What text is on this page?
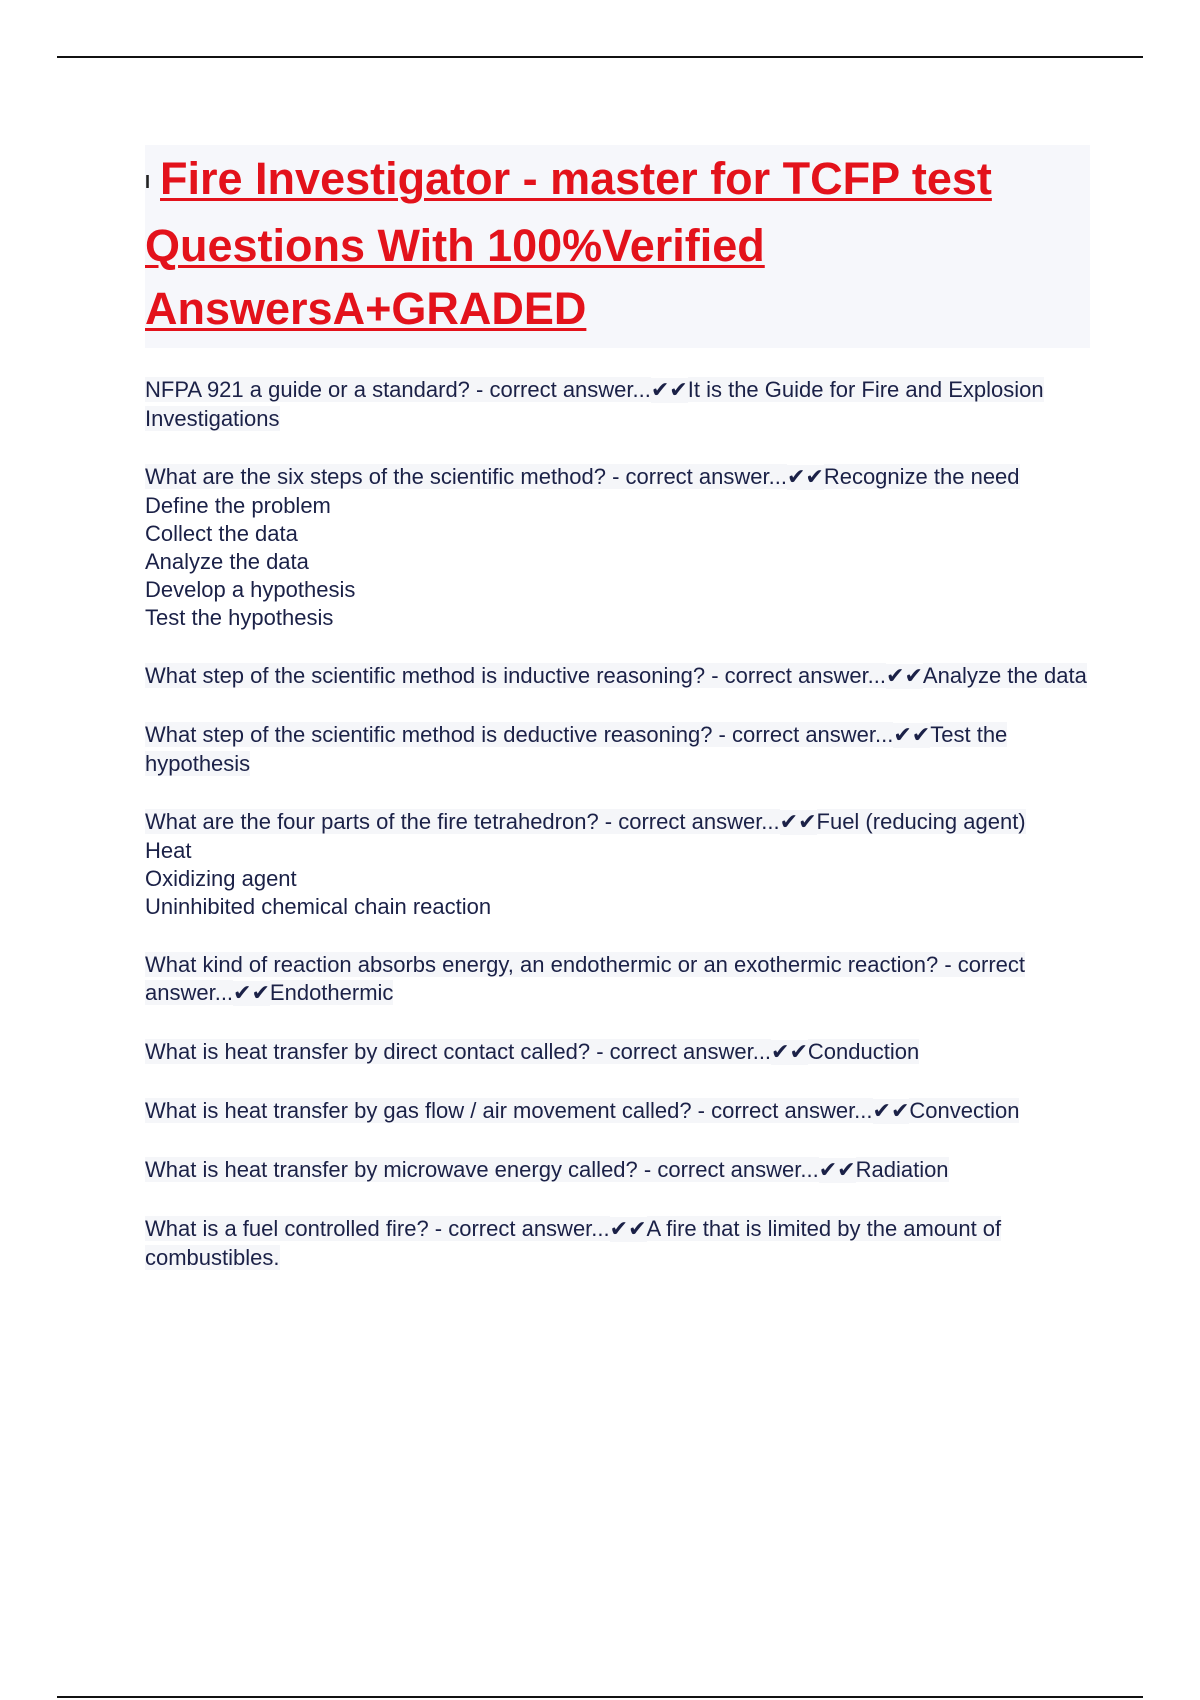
I Fire Investigator - master for TCFP test Questions With 100%Verified AnswersA+GRADED
NFPA 921 a guide or a standard? - correct answer...✔✔It is the Guide for Fire and Explosion Investigations
What are the six steps of the scientific method? - correct answer...✔✔Recognize the need
Define the problem
Collect the data
Analyze the data
Develop a hypothesis
Test the hypothesis
What step of the scientific method is inductive reasoning? - correct answer...✔✔Analyze the data
What step of the scientific method is deductive reasoning? - correct answer...✔✔Test the hypothesis
What are the four parts of the fire tetrahedron? - correct answer...✔✔Fuel (reducing agent)
Heat
Oxidizing agent
Uninhibited chemical chain reaction
What kind of reaction absorbs energy, an endothermic or an exothermic reaction? - correct answer...✔✔Endothermic
What is heat transfer by direct contact called? - correct answer...✔✔Conduction
What is heat transfer by gas flow / air movement called? - correct answer...✔✔Convection
What is heat transfer by microwave energy called? - correct answer...✔✔Radiation
What is a fuel controlled fire? - correct answer...✔✔A fire that is limited by the amount of combustibles.
